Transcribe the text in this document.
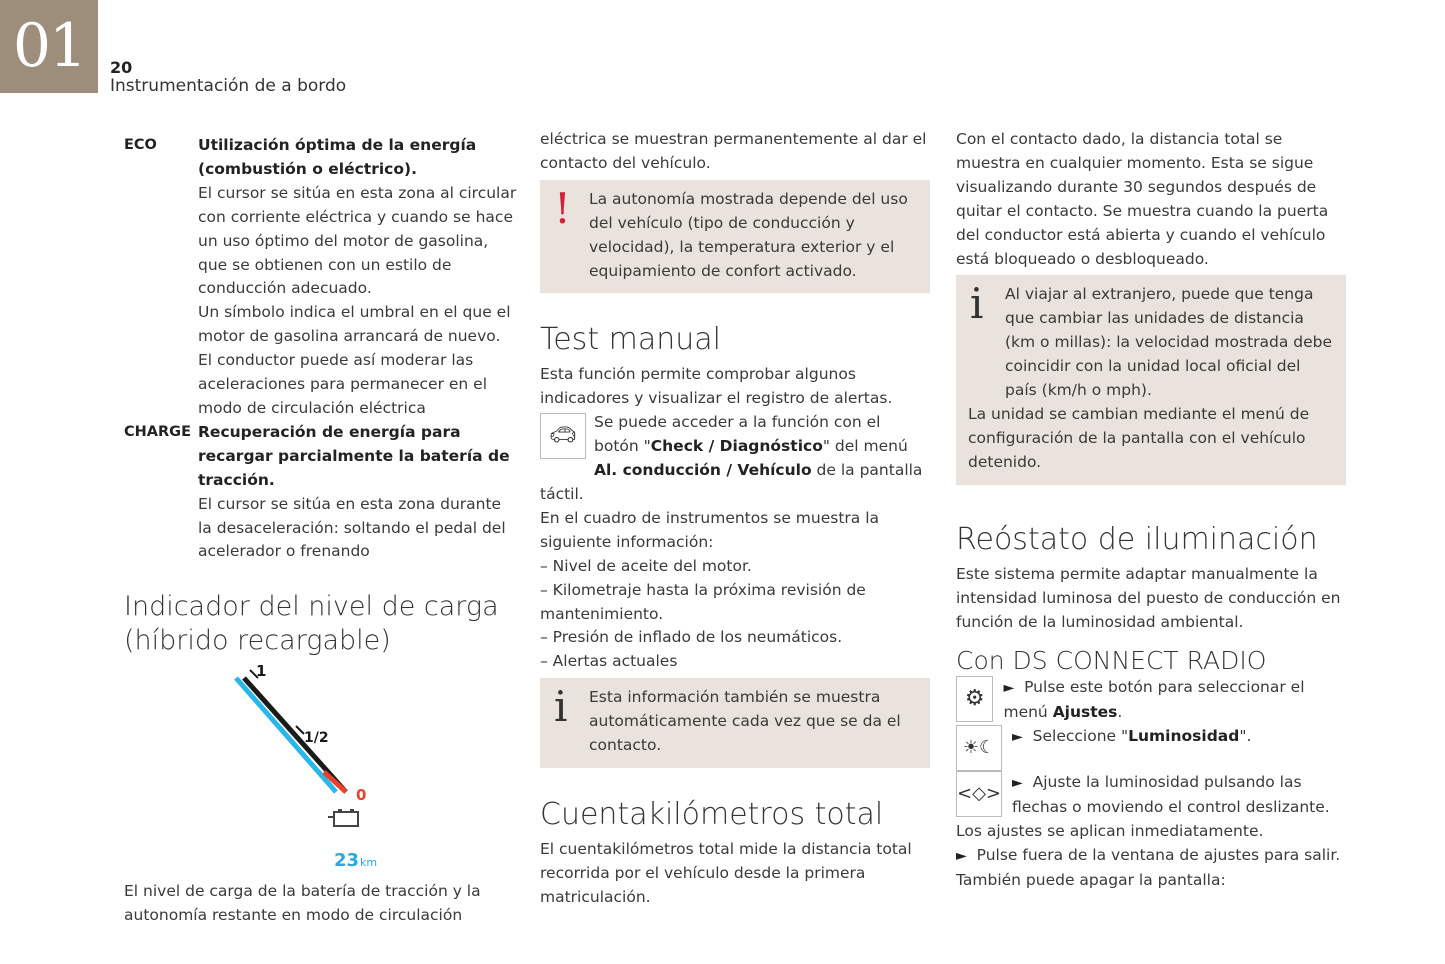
01	20
Instrumentación de a bordo
ECO	Utilización óptima de la energía (combustión o eléctrico).

El cursor se sitúa en esta zona al circular con corriente eléctrica y cuando se hace un uso óptimo del motor de gasolina, que se obtienen con un estilo de conducción adecuado.

Un símbolo indica el umbral en el que el motor de gasolina arrancará de nuevo.

El conductor puede así moderar las aceleraciones para permanecer en el modo de circulación eléctrica

CHARGE Recuperación de energía para recargar parcialmente la batería de tracción.

El cursor se sitúa en esta zona durante la desaceleración: soltando el pedal del acelerador o frenando

Indicador del nivel de carga (híbrido recargable)
1
1/2
0
23 km

El nivel de carga de la batería de tracción y la autonomía restante en modo de circulación

eléctrica se muestran permanentemente al dar el contacto del vehículo.

! La autonomía mostrada depende del uso del vehículo (tipo de conducción y velocidad), la temperatura exterior y el equipamiento de confort activado.

Test manual

Esta función permite comprobar algunos indicadores y visualizar el registro de alertas.

🚗︎
Se puede acceder a la función con el botón "Check / Diagnóstico" del menú Al. conducción / Vehículo de la pantalla táctil.

En el cuadro de instrumentos se muestra la siguiente información:

– Nivel de aceite del motor.
– Kilometraje hasta la próxima revisión de mantenimiento.
– Presión de inflado de los neumáticos.
– Alertas actuales
i Esta información también se muestra automáticamente cada vez que se da el contacto.

Cuentakilómetros total

El cuentakilómetros total mide la distancia total recorrida por el vehículo desde la primera matriculación.

Con el contacto dado, la distancia total se muestra en cualquier momento. Esta se sigue visualizando durante 30 segundos después de quitar el contacto. Se muestra cuando la puerta del conductor está abierta y cuando el vehículo está bloqueado o desbloqueado.

i Al viajar al extranjero, puede que tenga que cambiar las unidades de distancia (km o millas): la velocidad mostrada debe coincidir con la unidad local oficial del país (km/h o mph).

La unidad se cambian mediante el menú de configuración de la pantalla con el vehículo detenido.

Reóstato de iluminación

Este sistema permite adaptar manualmente la intensidad luminosa del puesto de conducción en función de la luminosidad ambiental.

Con DS CONNECT RADIO
⚙	► Pulse este botón para seleccionar el menú Ajustes.

☀☾	► Seleccione "Luminosidad".

<◇> ► Ajuste la luminosidad pulsando las flechas o moviendo el control deslizante.

Los ajustes se aplican inmediatamente.

► Pulse fuera de la ventana de ajustes para salir.

También puede apagar la pantalla:
